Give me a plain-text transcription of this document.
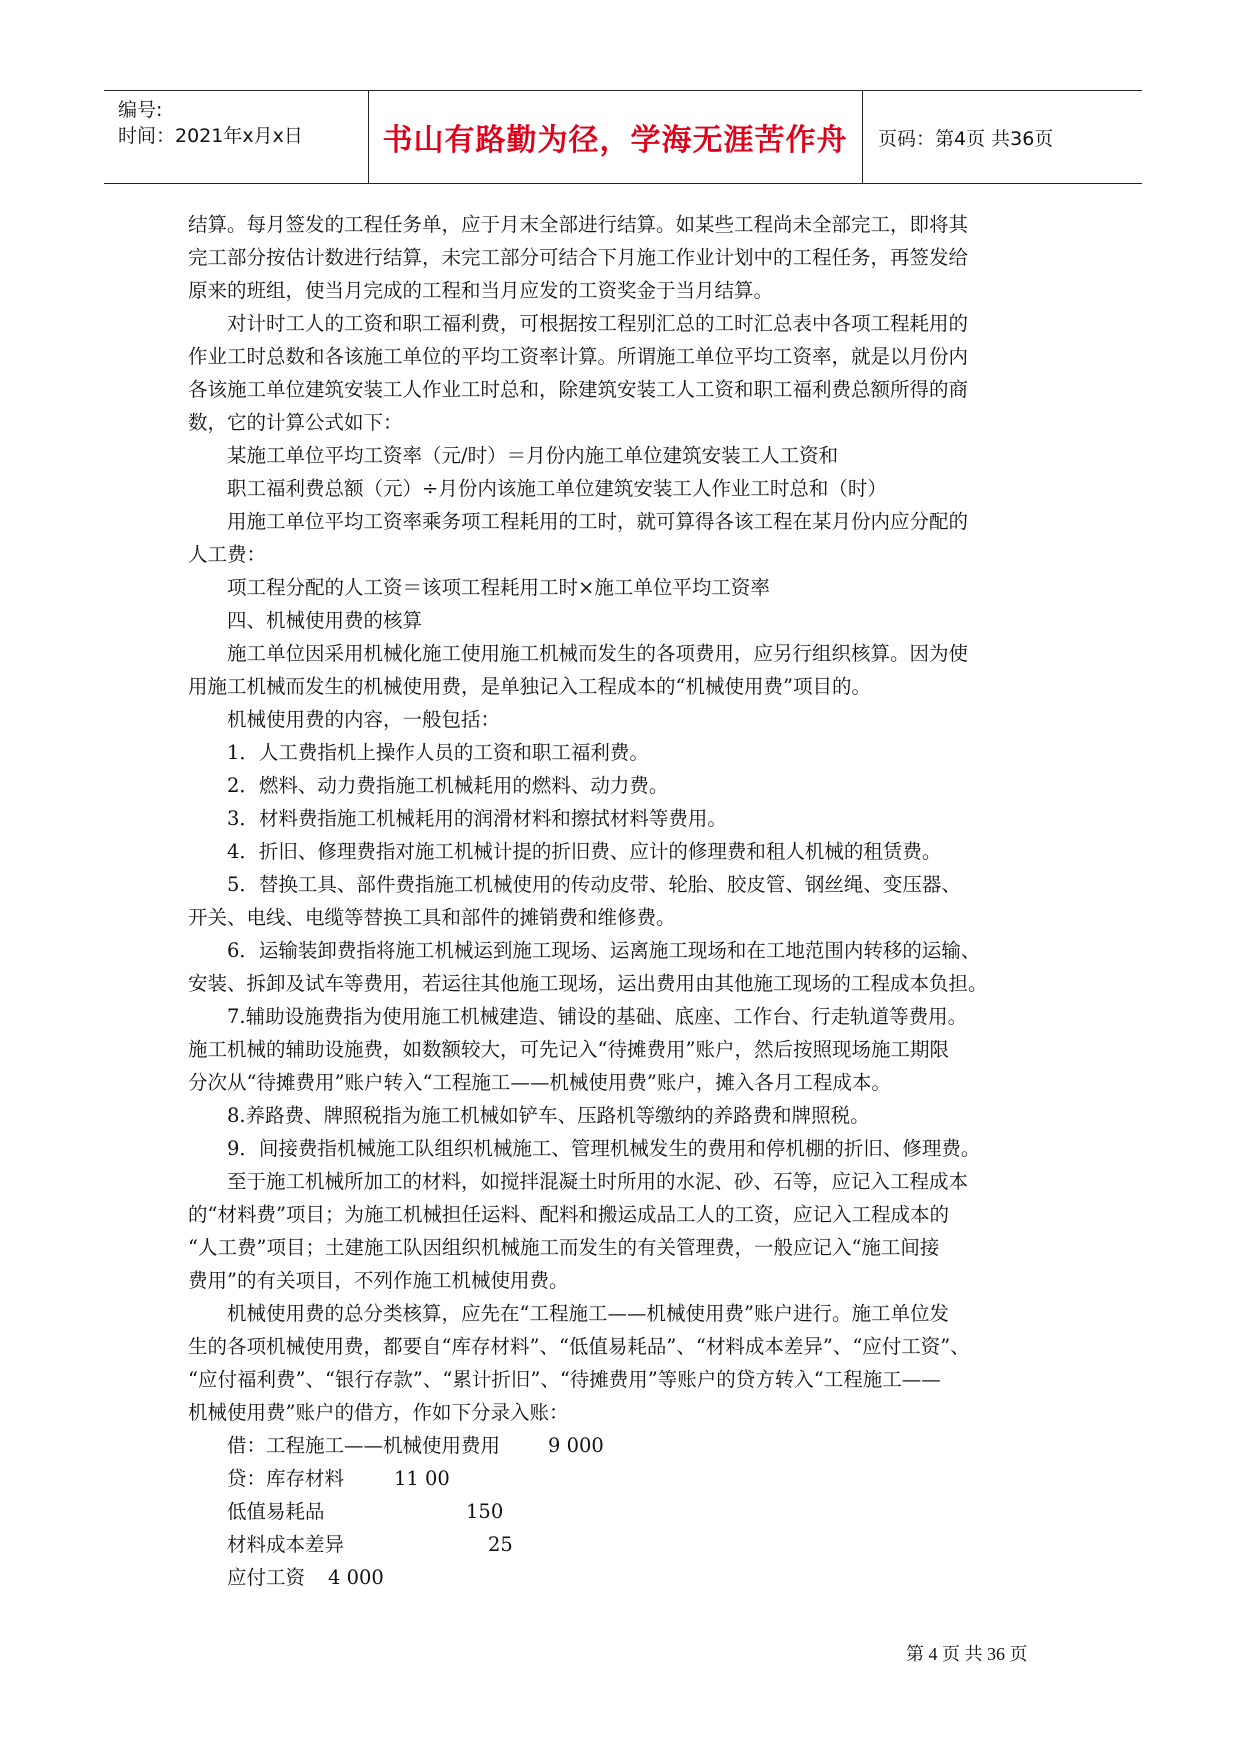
编号:
时间：2021年x月x日	书山有路勤为径，学海无涯苦作舟 页码：第4页 共36页
结算。每月签发的工程任务单，应于月末全部进行结算。如某些工程尚未全部完工，即将其
完工部分按估计数进行结算，未完工部分可结合下月施工作业计划中的工程任务，再签发给
原来的班组，使当月完成的工程和当月应发的工资奖金于当月结算。
对计时工人的工资和职工福利费，可根据按工程别汇总的工时汇总表中各项工程耗用的
作业工时总数和各该施工单位的平均工资率计算。所谓施工单位平均工资率，就是以月份内
各该施工单位建筑安装工人作业工时总和，除建筑安装工人工资和职工福利费总额所得的商
数，它的计算公式如下：
某施工单位平均工资率（元/时）＝月份内施工单位建筑安装工人工资和
职工福利费总额（元）÷月份内该施工单位建筑安装工人作业工时总和（时）
用施工单位平均工资率乘务项工程耗用的工时，就可算得各该工程在某月份内应分配的
人工费：
项工程分配的人工资＝该项工程耗用工时×施工单位平均工资率
四、机械使用费的核算
施工单位因采用机械化施工使用施工机械而发生的各项费用，应另行组织核算。因为使
用施工机械而发生的机械使用费，是单独记入工程成本的“机械使用费”项目的。
机械使用费的内容，一般包括：
1．人工费指机上操作人员的工资和职工福利费。
2．燃料、动力费指施工机械耗用的燃料、动力费。
3．材料费指施工机械耗用的润滑材料和擦拭材料等费用。
4．折旧、修理费指对施工机械计提的折旧费、应计的修理费和租人机械的租赁费。
5．替换工具、部件费指施工机械使用的传动皮带、轮胎、胶皮管、钢丝绳、变压器、
开关、电线、电缆等替换工具和部件的摊销费和维修费。
6．运输装卸费指将施工机械运到施工现场、运离施工现场和在工地范围内转移的运输、
安装、拆卸及试车等费用，若运往其他施工现场，运出费用由其他施工现场的工程成本负担。
7.辅助设施费指为使用施工机械建造、铺设的基础、底座、工作台、行走轨道等费用。
施工机械的辅助设施费，如数额较大，可先记入“待摊费用”账户，然后按照现场施工期限
分次从“待摊费用”账户转入“工程施工——机械使用费”账户，摊入各月工程成本。
8.养路费、牌照税指为施工机械如铲车、压路机等缴纳的养路费和牌照税。
9．间接费指机械施工队组织机械施工、管理机械发生的费用和停机棚的折旧、修理费。
至于施工机械所加工的材料，如搅拌混凝土时所用的水泥、砂、石等，应记入工程成本
的“材料费”项目；为施工机械担任运料、配料和搬运成品工人的工资，应记入工程成本的
“人工费”项目；土建施工队因组织机械施工而发生的有关管理费，一般应记入“施工间接
费用”的有关项目，不列作施工机械使用费。
机械使用费的总分类核算，应先在“工程施工——机械使用费”账户进行。施工单位发
生的各项机械使用费，都要自“库存材料”、“低值易耗品”、“材料成本差异”、“应付工资”、
“应付福利费”、“银行存款”、“累计折旧”、“待摊费用”等账户的贷方转入“工程施工——
机械使用费”账户的借方，作如下分录入账：
借：工程施工——机械使用费用 9 000
贷：库存材料	11 00
低值易耗品	150
材料成本差异	25
应付工资 4 000
第 4 页 共 36 页
